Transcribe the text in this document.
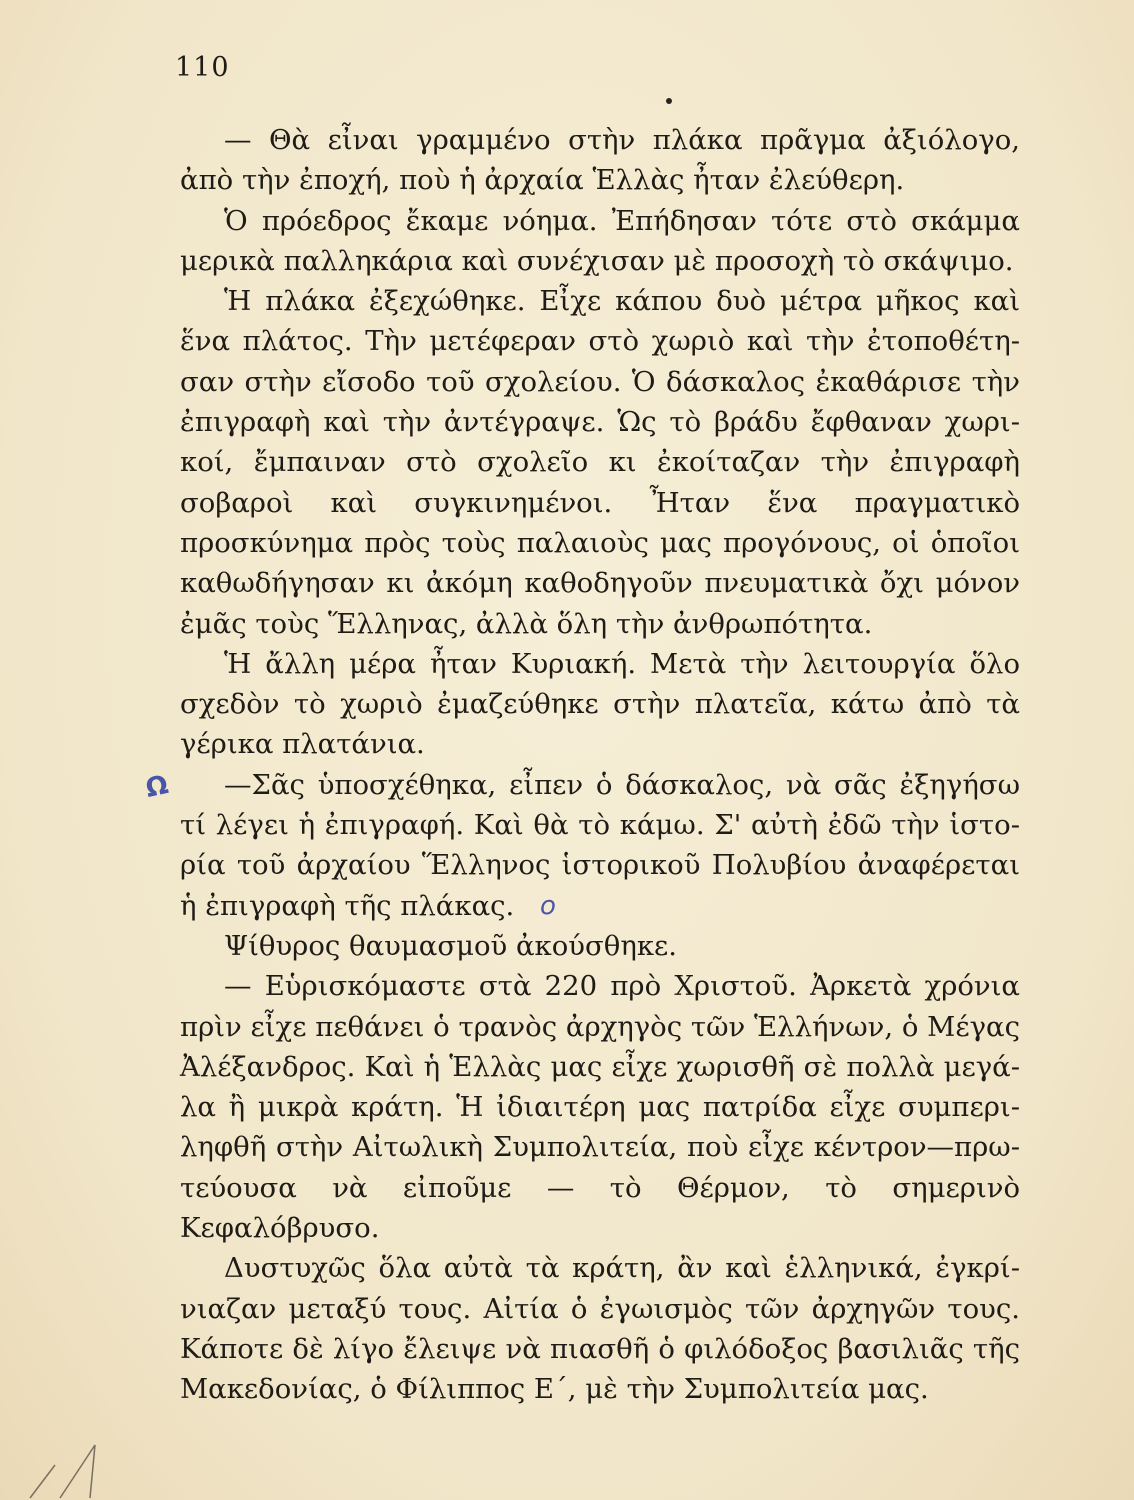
110

— Θὰ εἶναι γραμμένο στὴν πλάκα πρᾶγμα ἀξιόλογο, ἀπὸ τὴν ἐποχή, ποὺ ἡ ἀρχαία Ἑλλὰς ἦταν ἐλεύθερη.

Ὁ πρόεδρος ἔκαμε νόημα. Ἐπήδησαν τότε στὸ σκάμμα μερικὰ παλληκάρια καὶ συνέχισαν μὲ προσοχὴ τὸ σκάψιμο.

Ἡ πλάκα ἐξεχώθηκε. Εἶχε κάπου δυὸ μέτρα μῆκος καὶ ἕνα πλάτος. Τὴν μετέφεραν στὸ χωριὸ καὶ τὴν ἐτοποθέτησαν στὴν εἴσοδο τοῦ σχολείου. Ὁ δάσκαλος ἐκαθάρισε τὴν ἐπιγραφὴ καὶ τὴν ἀντέγραψε. Ὡς τὸ βράδυ ἔφθαναν χωρικοί, ἔμπαιναν στὸ σχολεῖο κι ἐκοίταζαν τὴν ἐπιγραφὴ σοβαροὶ καὶ συγκινημένοι. Ἦταν ἕνα πραγματικὸ προσκύνημα πρὸς τοὺς παλαιοὺς μας προγόνους, οἱ ὁποῖοι καθωδήγησαν κι ἀκόμη καθοδηγοῦν πνευματικὰ ὄχι μόνον ἐμᾶς τοὺς Ἕλληνας, ἀλλὰ ὅλη τὴν ἀνθρωπότητα.

Ἡ ἄλλη μέρα ἦταν Κυριακή. Μετὰ τὴν λειτουργία ὅλο σχεδὸν τὸ χωριὸ ἐμαζεύθηκε στὴν πλατεῖα, κάτω ἀπὸ τὰ γέρικα πλατάνια.

—Σᾶς ὑποσχέθηκα, εἶπεν ὁ δάσκαλος, νὰ σᾶς ἐξηγήσω τί λέγει ἡ ἐπιγραφή. Καὶ θὰ τὸ κάμω. Σ' αὐτὴ ἐδῶ τὴν ἱστορία τοῦ ἀρχαίου Ἕλληνος ἱστορικοῦ Πολυβίου ἀναφέρεται ἡ ἐπιγραφὴ τῆς πλάκας.

Ψίθυρος θαυμασμοῦ ἀκούσθηκε.

— Εὑρισκόμαστε στὰ 220 πρὸ Χριστοῦ. Ἀρκετὰ χρόνια πρὶν εἶχε πεθάνει ὁ τρανὸς ἀρχηγὸς τῶν Ἑλλήνων, ὁ Μέγας Ἀλέξανδρος. Καὶ ἡ Ἑλλὰς μας εἶχε χωρισθῆ σὲ πολλὰ μεγάλα ἢ μικρὰ κράτη. Ἡ ἰδιαιτέρη μας πατρίδα εἶχε συμπεριληφθῆ στὴν Αἰτωλικὴ Συμπολιτεία, ποὺ εἶχε κέντρον—πρωτεύουσα νὰ εἰποῦμε — τὸ Θέρμον, τὸ σημερινὸ Κεφαλόβρυσο.

Δυστυχῶς ὅλα αὐτὰ τὰ κράτη, ἂν καὶ ἑλληνικά, ἐγκρίνιαζαν μεταξύ τους. Αἰτία ὁ ἐγωισμὸς τῶν ἀρχηγῶν τους. Κάποτε δὲ λίγο ἔλειψε νὰ πιασθῆ ὁ φιλόδοξος βασιλιᾶς τῆς Μακεδονίας, ὁ Φίλιππος Ε΄, μὲ τὴν Συμπολιτεία μας.

Ω
ο
